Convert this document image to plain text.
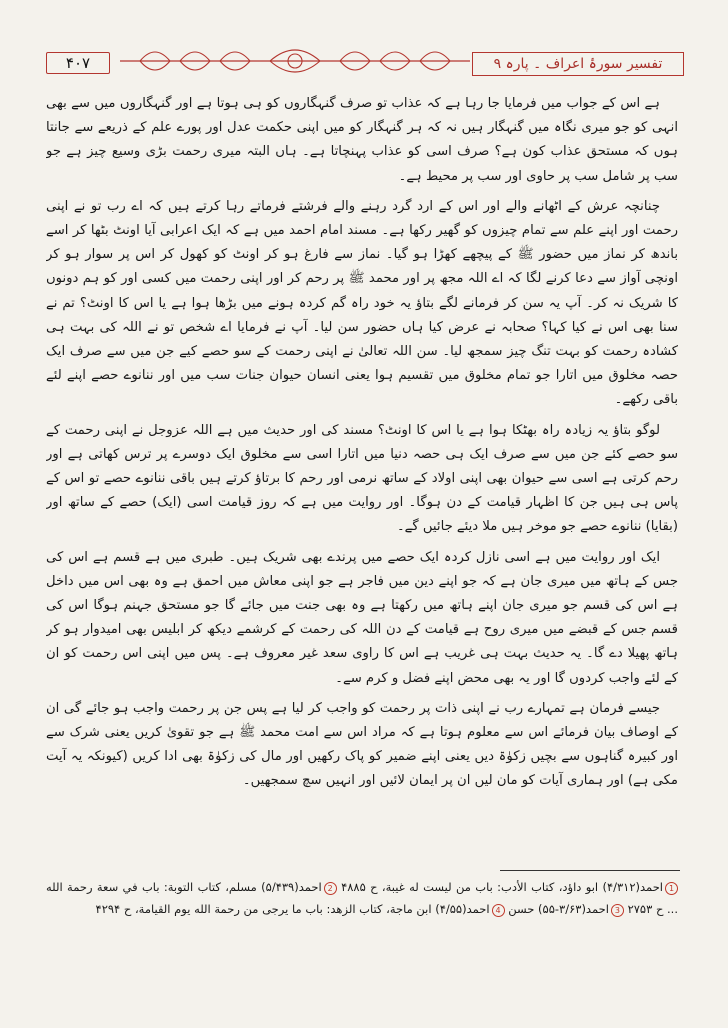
۴۰۷	تفسیر سورۂ اعراف ۔ پارہ ۹

ہے اس کے جواب میں فرمایا جا رہا ہے کہ عذاب تو صرف گنہگاروں کو ہی ہوتا ہے اور گنہگاروں میں سے بھی انہی کو جو میری نگاہ میں گنہگار ہیں نہ کہ ہر گنہگار کو میں اپنی حکمت عدل اور پورے علم کے ذریعے سے جانتا ہوں کہ مستحق عذاب کون ہے؟ صرف اسی کو عذاب پہنچاتا ہے۔ ہاں البتہ میری رحمت بڑی وسیع چیز ہے جو سب پر شامل سب پر حاوی اور سب پر محیط ہے۔

چنانچہ عرش کے اٹھانے والے اور اس کے ارد گرد رہنے والے فرشتے فرماتے رہا کرتے ہیں کہ اے رب تو نے اپنی رحمت اور اپنے علم سے تمام چیزوں کو گھیر رکھا ہے۔ مسند امام احمد میں ہے کہ ایک اعرابی آیا اونٹ بٹھا کر اسے باندھ کر نماز میں حضور ﷺ کے پیچھے کھڑا ہو گیا۔ نماز سے فارغ ہو کر اونٹ کو کھول کر اس پر سوار ہو کر اونچی آواز سے دعا کرنے لگا کہ اے اللہ مجھ پر اور محمد ﷺ پر رحم کر اور اپنی رحمت میں کسی اور کو ہم دونوں کا شریک نہ کر۔ آپ یہ سن کر فرمانے لگے بتاؤ یہ خود راہ گم کردہ ہونے میں بڑھا ہوا ہے یا اس کا اونٹ؟ تم نے سنا بھی اس نے کیا کہا؟ صحابہ نے عرض کیا ہاں حضور سن لیا۔ آپ نے فرمایا اے شخص تو نے اللہ کی بہت ہی کشادہ رحمت کو بہت تنگ چیز سمجھ لیا۔ سن اللہ تعالیٰ نے اپنی رحمت کے سو حصے کیے جن میں سے صرف ایک حصہ مخلوق میں اتارا جو تمام مخلوق میں تقسیم ہوا یعنی انسان حیوان جنات سب میں اور ننانوے حصے اپنے لئے باقی رکھے۔

لوگو بتاؤ یہ زیادہ راہ بھٹکا ہوا ہے یا اس کا اونٹ؟ مسند کی اور حدیث میں ہے اللہ عزوجل نے اپنی رحمت کے سو حصے کئے جن میں سے صرف ایک ہی حصہ دنیا میں اتارا اسی سے مخلوق ایک دوسرے پر ترس کھاتی ہے اور رحم کرتی ہے اسی سے حیوان بھی اپنی اولاد کے ساتھ نرمی اور رحم کا برتاؤ کرتے ہیں باقی ننانوے حصے تو اس کے پاس ہی ہیں جن کا اظہار قیامت کے دن ہوگا۔ اور روایت میں ہے کہ روز قیامت اسی (ایک) حصے کے ساتھ اور (بقایا) ننانوے حصے جو موخر ہیں ملا دیئے جائیں گے۔

ایک اور روایت میں ہے اسی نازل کردہ ایک حصے میں پرندے بھی شریک ہیں۔ طبری میں ہے قسم ہے اس کی جس کے ہاتھ میں میری جان ہے کہ جو اپنے دین میں فاجر ہے جو اپنی معاش میں احمق ہے وہ بھی اس میں داخل ہے اس کی قسم جو میری جان اپنے ہاتھ میں رکھتا ہے وہ بھی جنت میں جائے گا جو مستحق جہنم ہوگا اس کی قسم جس کے قبضے میں میری روح ہے قیامت کے دن اللہ کی رحمت کے کرشمے دیکھ کر ابلیس بھی امیدوار ہو کر ہاتھ پھیلا دے گا۔ یہ حدیث بہت ہی غریب ہے اس کا راوی سعد غیر معروف ہے۔ پس میں اپنی اس رحمت کو ان کے لئے واجب کردوں گا اور یہ بھی محض اپنے فضل و کرم سے۔

جیسے فرمان ہے تمہارے رب نے اپنی ذات پر رحمت کو واجب کر لیا ہے پس جن پر رحمت واجب ہو جائے گی ان کے اوصاف بیان فرمائے اس سے معلوم ہوتا ہے کہ مراد اس سے امت محمد ﷺ ہے جو تقویٰ کریں یعنی شرک سے اور کبیرہ گناہوں سے بچیں زکوٰۃ دیں یعنی اپنے ضمیر کو پاک رکھیں اور مال کی زکوٰۃ بھی ادا کریں (کیونکہ یہ آیت مکی ہے) اور ہماری آیات کو مان لیں ان پر ایمان لائیں اور انہیں سچ سمجھیں۔

1احمد(۴/۳۱۲) ابو داؤد، كتاب الأدب: باب من ليست له غيبة، ح ۴۸۸۵ 2احمد(۵/۴۳۹) مسلم، كتاب التوبة: باب في سعة رحمة الله ... ح ۲۷۵۳ 3احمد(۳/۶۳-۵۵) حسن 4احمد(۴/۵۵) ابن ماجة، كتاب الزهد: باب ما يرجى من رحمة الله يوم القيامة، ح ۴۲۹۴
